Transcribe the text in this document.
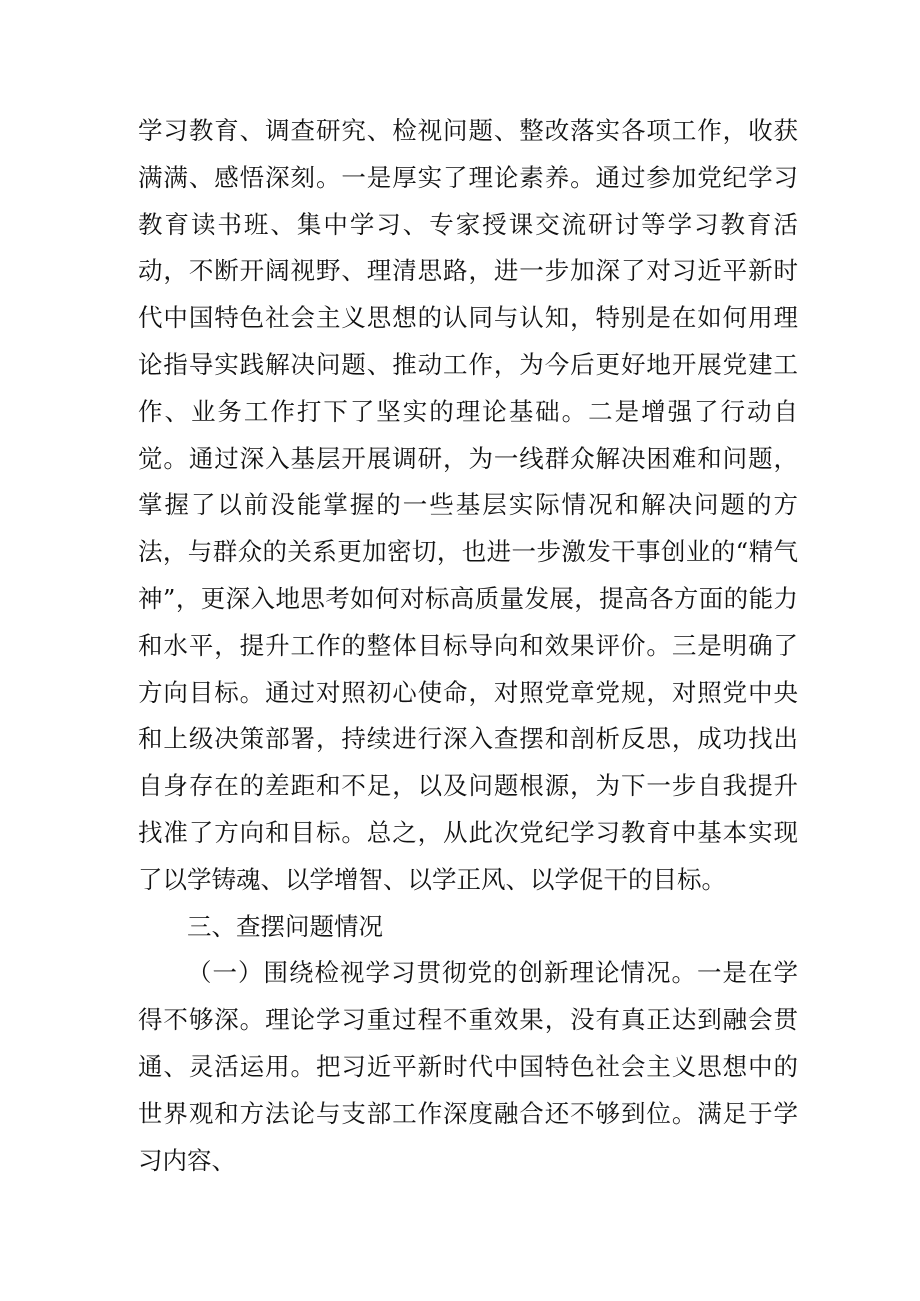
学习教育、调查研究、检视问题、整改落实各项工作，收获满满、感悟深刻。一是厚实了理论素养。通过参加党纪学习教育读书班、集中学习、专家授课交流研讨等学习教育活动，不断开阔视野、理清思路，进一步加深了对习近平新时代中国特色社会主义思想的认同与认知，特别是在如何用理论指导实践解决问题、推动工作，为今后更好地开展党建工作、业务工作打下了坚实的理论基础。二是增强了行动自觉。通过深入基层开展调研，为一线群众解决困难和问题，掌握了以前没能掌握的一些基层实际情况和解决问题的方法，与群众的关系更加密切，也进一步激发干事创业的“精气神”，更深入地思考如何对标高质量发展，提高各方面的能力和水平，提升工作的整体目标导向和效果评价。三是明确了方向目标。通过对照初心使命，对照党章党规，对照党中央和上级决策部署，持续进行深入查摆和剖析反思，成功找出自身存在的差距和不足，以及问题根源，为下一步自我提升找准了方向和目标。总之，从此次党纪学习教育中基本实现了以学铸魂、以学增智、以学正风、以学促干的目标。

三、查摆问题情况

（一）围绕检视学习贯彻党的创新理论情况。一是在学得不够深。理论学习重过程不重效果，没有真正达到融会贯通、灵活运用。把习近平新时代中国特色社会主义思想中的世界观和方法论与支部工作深度融合还不够到位。满足于学习内容、
